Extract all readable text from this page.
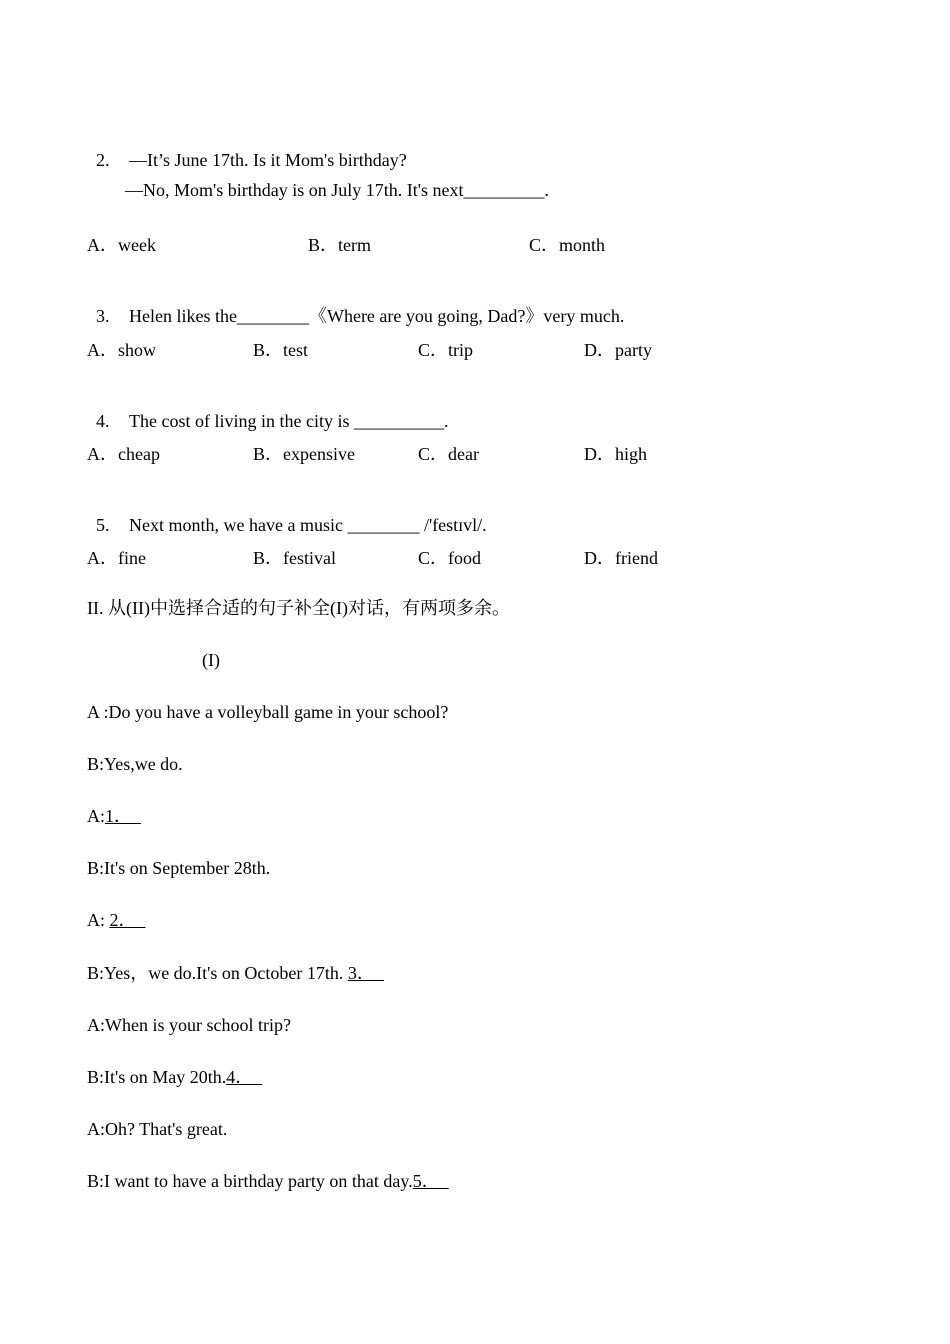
2. —It’s June 17th. Is it Mom's birthday?

—No, Mom's birthday is on July 17th. It's next_________.
A．week	B．term	C．month

3. Helen likes the________《Where are you going, Dad?》very much.

A．show	B．test	C．trip	D．party

4. The cost of living in the city is __________.

A．cheap	B．expensive	C．dear	D．high

5. Next month, we have a music ________ /'festɪvl/.

A．fine	B．festival	C．food	D．friend
II. 从(II)中选择合适的句子补全(I)对话，有两项多余。
(I)
A :Do you have a volleyball game in your school?
B:Yes,we do.
A:1．
B:It's on September 28th.
A: 2．
B:Yes，we do.It's on October 17th. 3．
A:When is your school trip?
B:It's on May 20th.4．
A:Oh? That's great.
B:I want to have a birthday party on that day.5．
